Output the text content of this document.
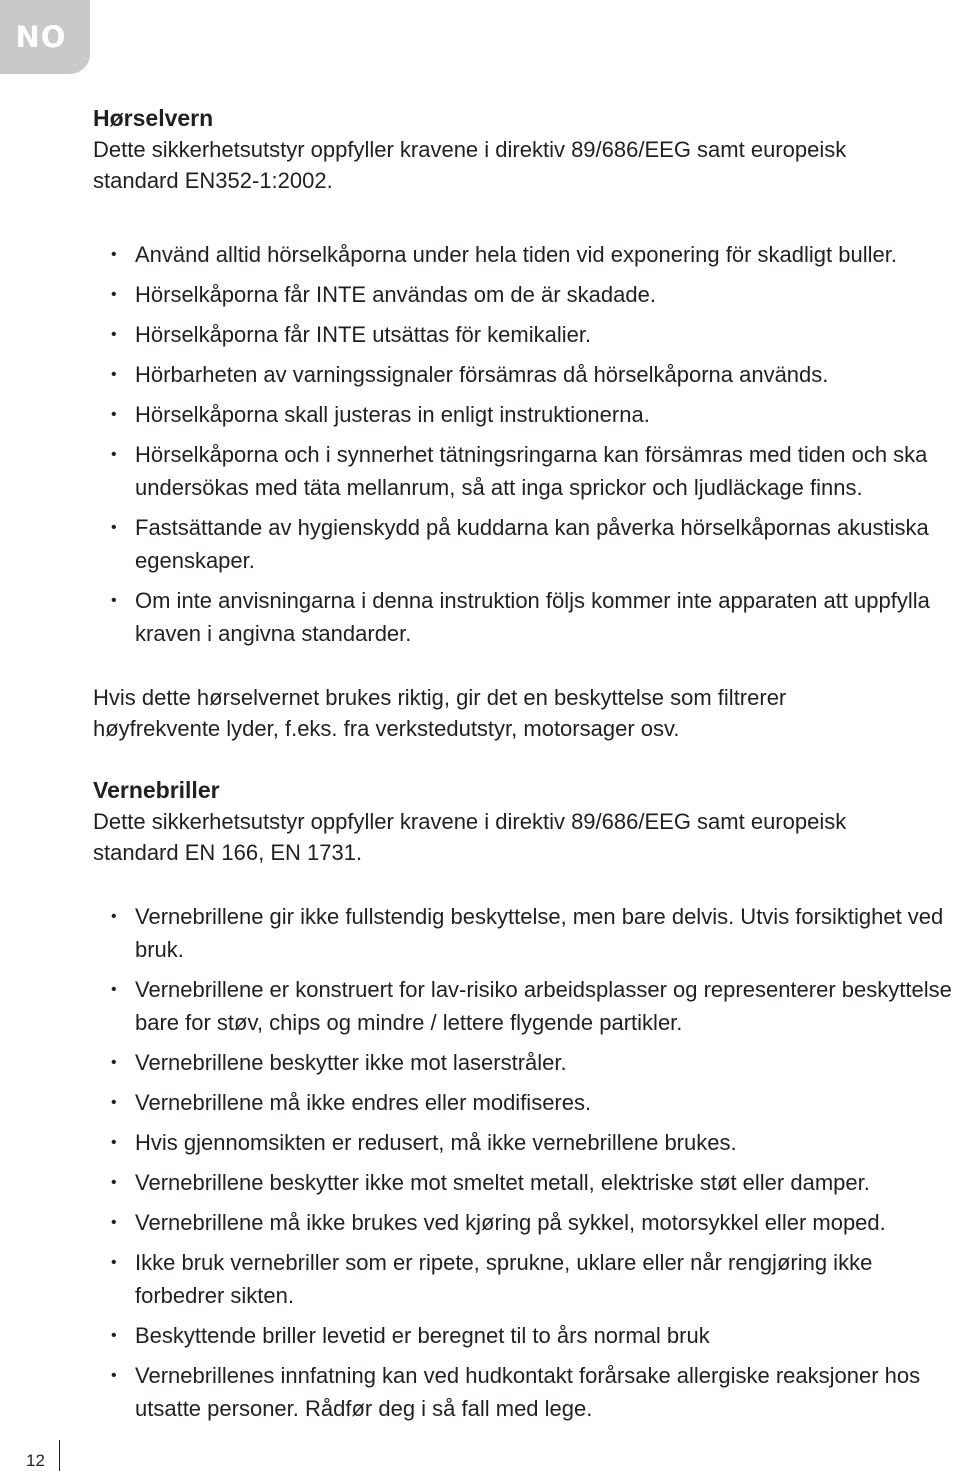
NO
Hørselvern

Dette sikkerhetsutstyr oppfyller kravene i direktiv 89/686/EEG samt europeisk standard EN352-1:2002.

• Använd alltid hörselkåporna under hela tiden vid exponering för skadligt buller.
• Hörselkåporna får INTE användas om de är skadade.
• Hörselkåporna får INTE utsättas för kemikalier.
• Hörbarheten av varningssignaler försämras då hörselkåporna används.
• Hörselkåporna skall justeras in enligt instruktionerna.
• Hörselkåporna och i synnerhet tätningsringarna kan försämras med tiden och ska undersökas med täta mellanrum, så att inga sprickor och ljudläckage finns.
• Fastsättande av hygienskydd på kuddarna kan påverka hörselkåpornas akustiska egenskaper.
• Om inte anvisningarna i denna instruktion följs kommer inte apparaten att uppfylla kraven i angivna standarder.

Hvis dette hørselvernet brukes riktig, gir det en beskyttelse som filtrerer høyfrekvente lyder, f.eks. fra verkstedutstyr, motorsager osv.

Vernebriller

Dette sikkerhetsutstyr oppfyller kravene i direktiv 89/686/EEG samt europeisk standard EN 166, EN 1731.

• Vernebrillene gir ikke fullstendig beskyttelse, men bare delvis. Utvis forsiktighet ved bruk.
• Vernebrillene er konstruert for lav-risiko arbeidsplasser og representerer beskyttelse bare for støv, chips og mindre / lettere flygende partikler.
• Vernebrillene beskytter ikke mot laserstråler.
• Vernebrillene må ikke endres eller modifiseres.
• Hvis gjennomsikten er redusert, må ikke vernebrillene brukes.
• Vernebrillene beskytter ikke mot smeltet metall, elektriske støt eller damper.
• Vernebrillene må ikke brukes ved kjøring på sykkel, motorsykkel eller moped.
• Ikke bruk vernebriller som er ripete, sprukne, uklare eller når rengjøring ikke forbedrer sikten.
• Beskyttende briller levetid er beregnet til to års normal bruk
• Vernebrillenes innfatning kan ved hudkontakt forårsake allergiske reaksjoner hos utsatte personer. Rådfør deg i så fall med lege.
12
